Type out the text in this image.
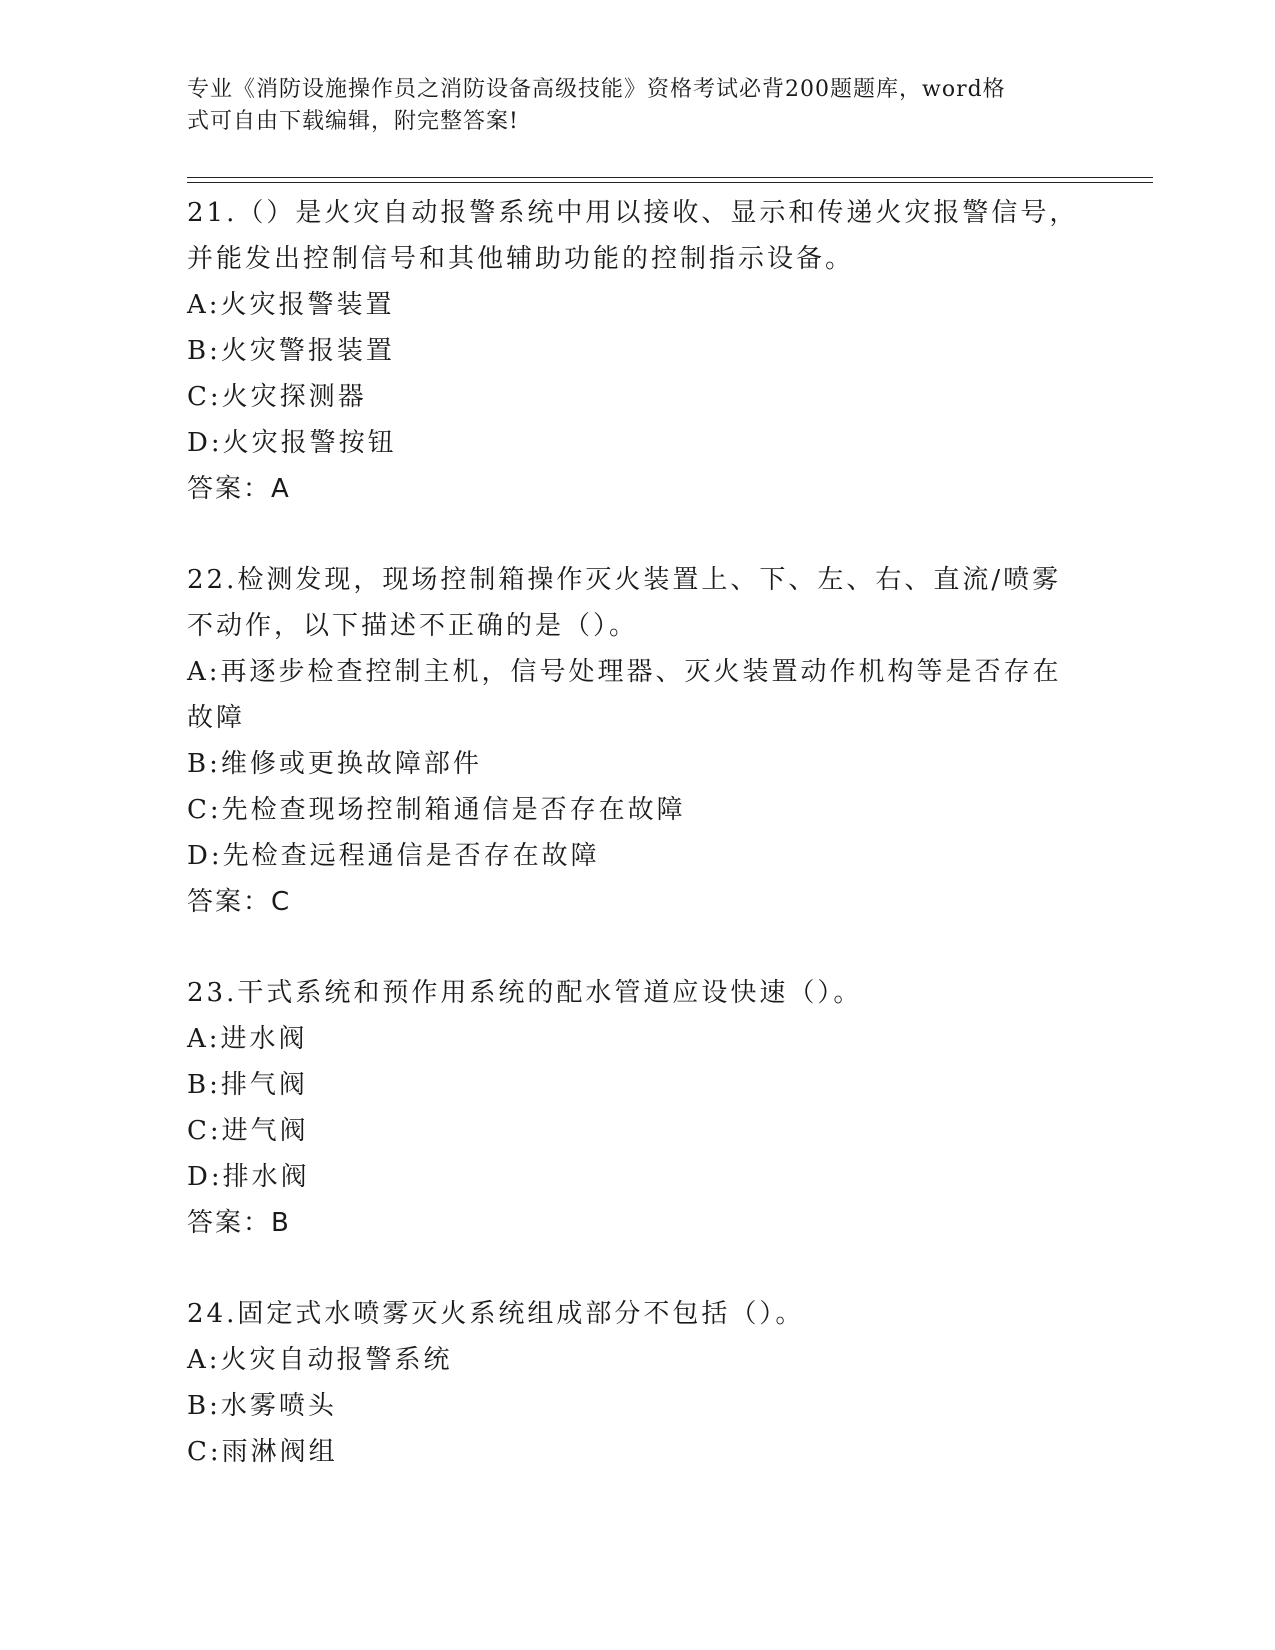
专业《消防设施操作员之消防设备高级技能》资格考试必背200题题库，word格
式可自由下载编辑，附完整答案!
21.（）是火灾自动报警系统中用以接收、显示和传递火灾报警信号，
并能发出控制信号和其他辅助功能的控制指示设备。
A:火灾报警装置
B:火灾警报装置
C:火灾探测器
D:火灾报警按钮
答案：A
22.检测发现，现场控制箱操作灭火装置上、下、左、右、直流/喷雾
不动作，以下描述不正确的是（）。
A:再逐步检查控制主机，信号处理器、灭火装置动作机构等是否存在
故障
B:维修或更换故障部件
C:先检查现场控制箱通信是否存在故障
D:先检查远程通信是否存在故障
答案：C
23.干式系统和预作用系统的配水管道应设快速（）。
A:进水阀
B:排气阀
C:进气阀
D:排水阀
答案：B
24.固定式水喷雾灭火系统组成部分不包括（）。
A:火灾自动报警系统
B:水雾喷头
C:雨淋阀组
